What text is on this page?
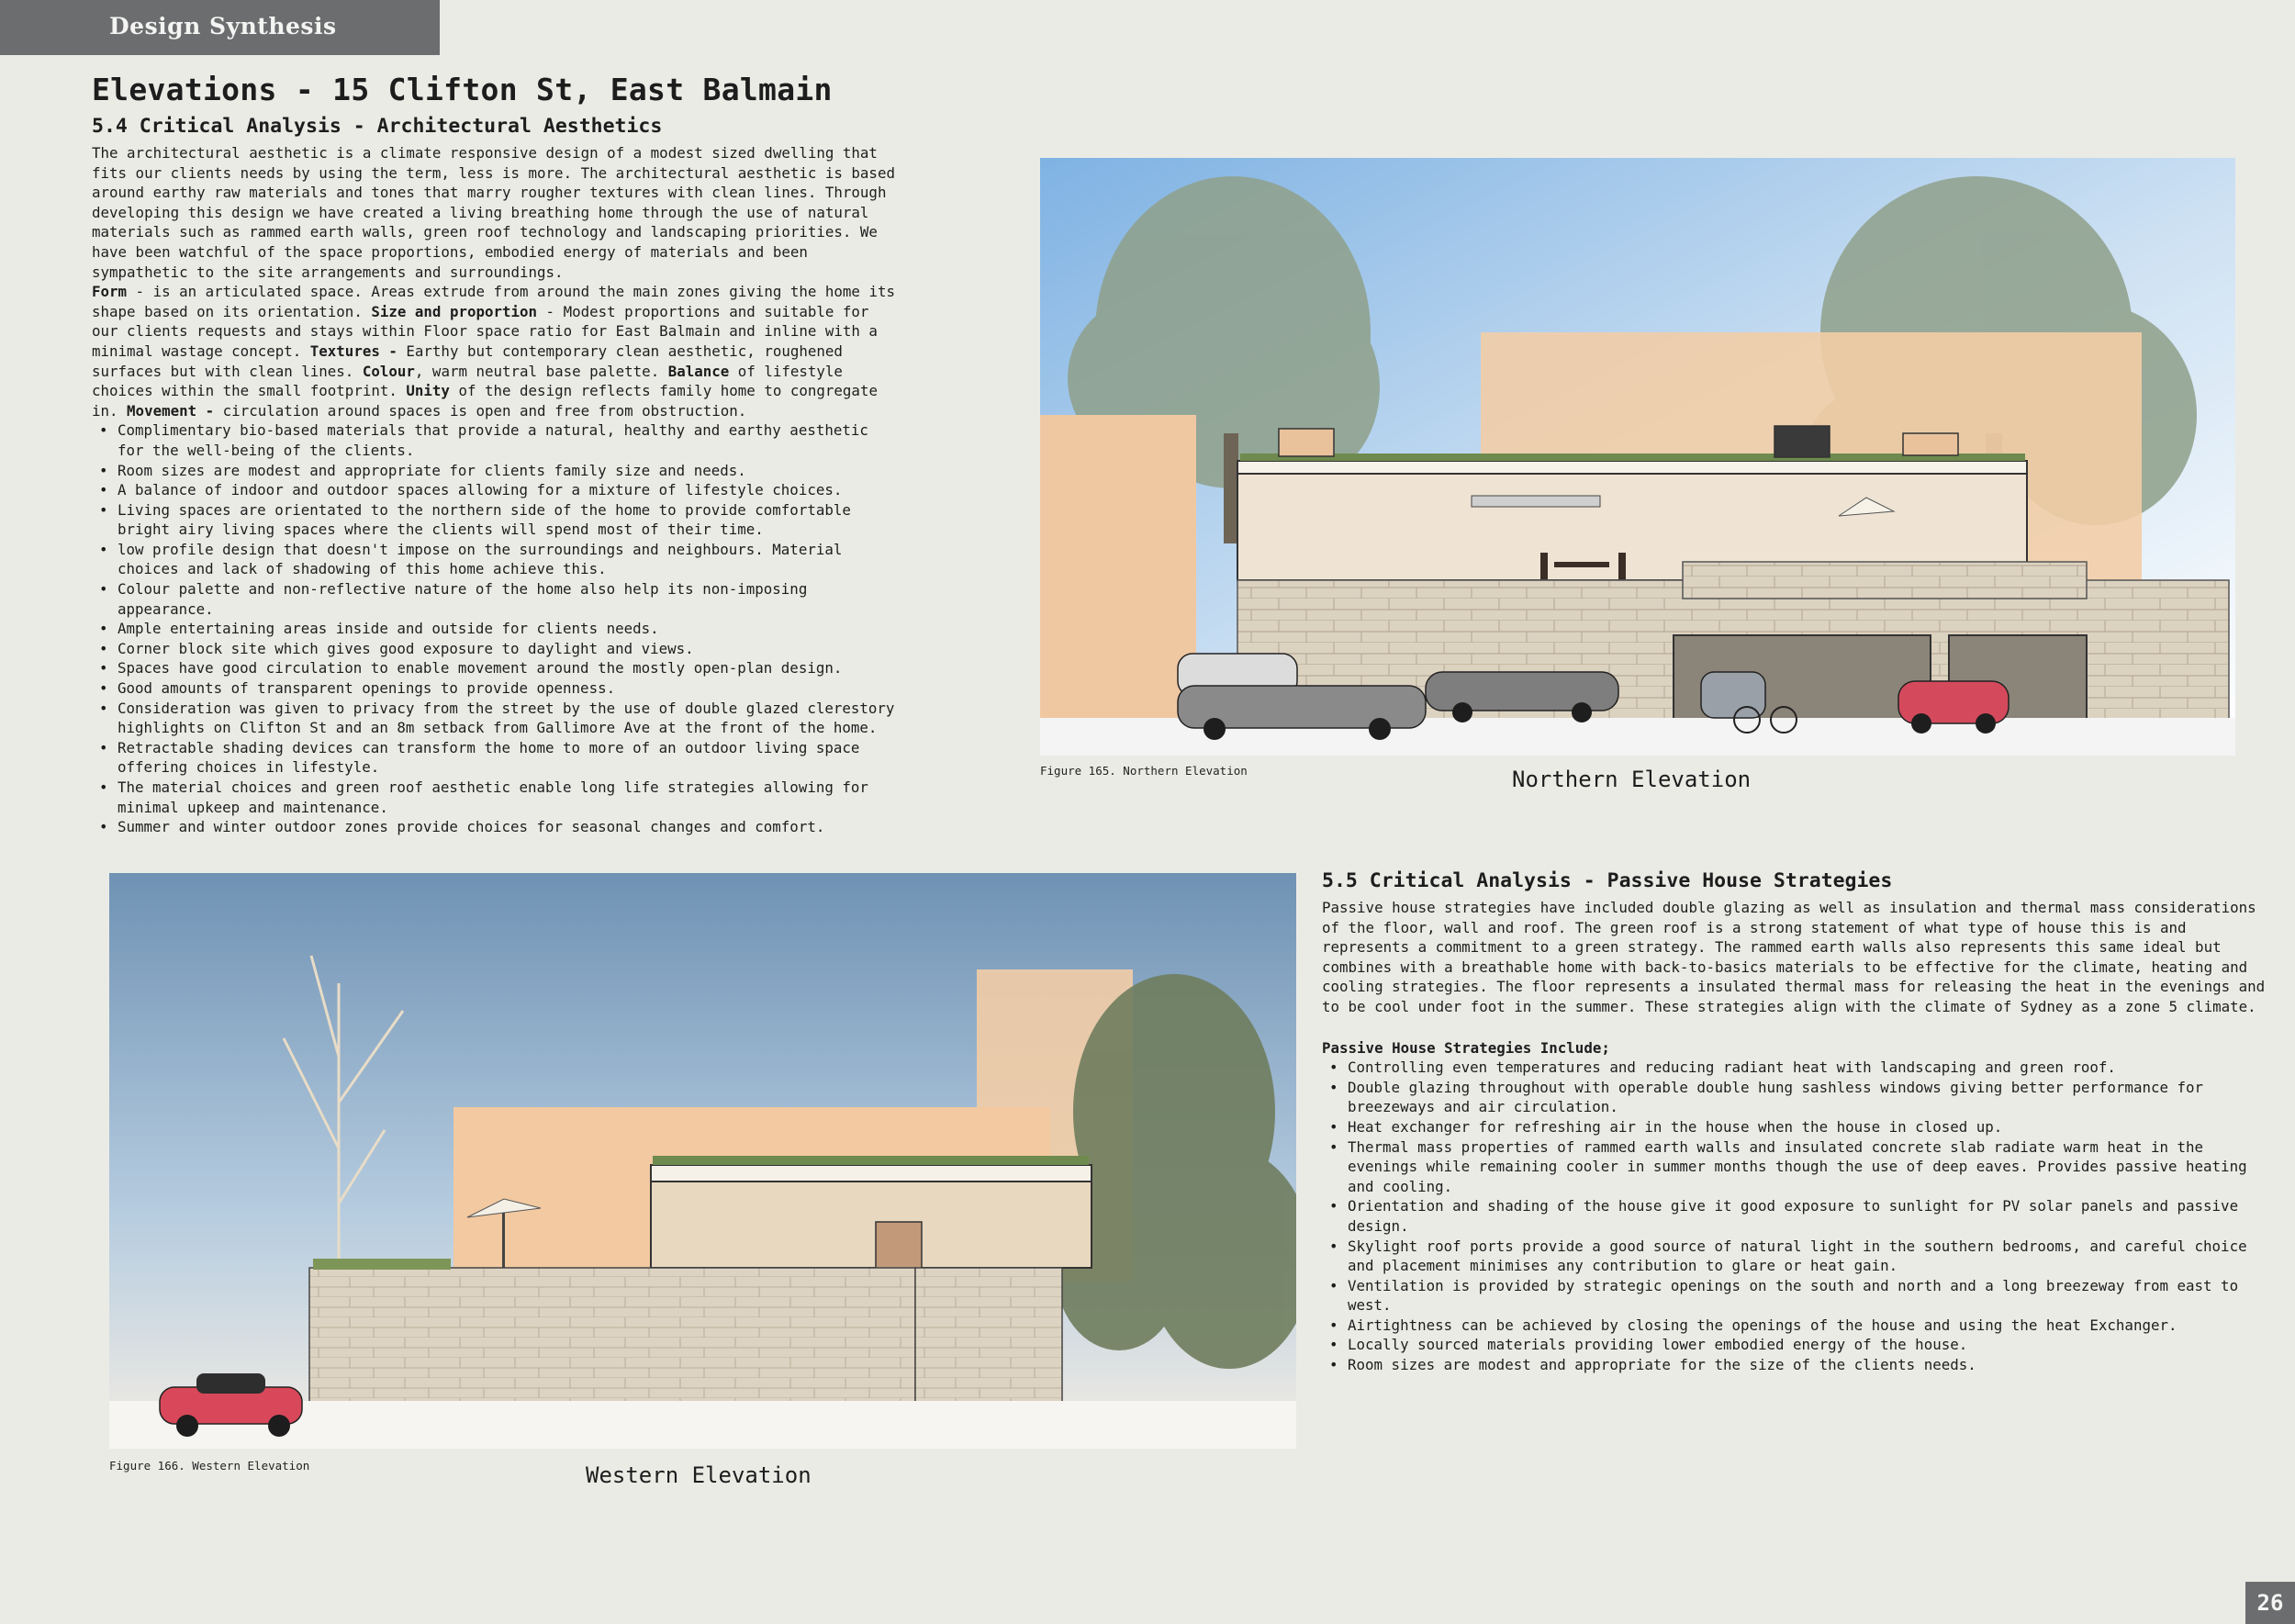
Design Synthesis
Elevations - 15 Clifton St, East Balmain
5.4 Critical Analysis - Architectural Aesthetics

The architectural aesthetic is a climate responsive design of a modest sized dwelling that fits our clients needs by using the term, less is more. The architectural aesthetic is based around earthy raw materials and tones that marry rougher textures with clean lines. Through developing this design we have created a living breathing home through the use of natural materials such as rammed earth walls, green roof technology and landscaping priorities. We have been watchful of the space proportions, embodied energy of materials and been sympathetic to the site arrangements and surroundings.
Form - is an articulated space. Areas extrude from around the main zones giving the home its shape based on its orientation. Size and proportion - Modest proportions and suitable for our clients requests and stays within Floor space ratio for East Balmain and inline with a minimal wastage concept. Textures - Earthy but contemporary clean aesthetic, roughened surfaces but with clean lines. Colour, warm neutral base palette. Balance of lifestyle choices within the small footprint. Unity of the design reflects family home to congregate in. Movement - circulation around spaces is open and free from obstruction.

• Complimentary bio-based materials that provide a natural, healthy and earthy aesthetic for the well-being of the clients.
• Room sizes are modest and appropriate for clients family size and needs.
• A balance of indoor and outdoor spaces allowing for a mixture of lifestyle choices.
• Living spaces are orientated to the northern side of the home to provide comfortable bright airy living spaces where the clients will spend most of their time.
• low profile design that doesn't impose on the surroundings and neighbours. Material choices and lack of shadowing of this home achieve this.
• Colour palette and non-reflective nature of the home also help its non-imposing appearance.
• Ample entertaining areas inside and outside for clients needs.
• Corner block site which gives good exposure to daylight and views.
• Spaces have good circulation to enable movement around the mostly open-plan design.
• Good amounts of transparent openings to provide openness.
• Consideration was given to privacy from the street by the use of double glazed clerestory highlights on Clifton St and an 8m setback from Gallimore Ave at the front of the home.
• Retractable shading devices can transform the home to more of an outdoor living space offering choices in lifestyle.
• The material choices and green roof aesthetic enable long life strategies allowing for minimal upkeep and maintenance.
• Summer and winter outdoor zones provide choices for seasonal changes and comfort.
Figure 165. Northern Elevation	Northern Elevation
5.5 Critical Analysis - Passive House Strategies

Passive house strategies have included double glazing as well as insulation and thermal mass considerations of the floor, wall and roof. The green roof is a strong statement of what type of house this is and represents a commitment to a green strategy. The rammed earth walls also represents this same ideal but combines with a breathable home with back-to-basics materials to be effective for the climate, heating and cooling strategies. The floor represents a insulated thermal mass for releasing the heat in the evenings and to be cool under foot in the summer. These strategies align with the climate of Sydney as a zone 5 climate.

Passive House Strategies Include;

• Controlling even temperatures and reducing radiant heat with landscaping and green roof.
• Double glazing throughout with operable double hung sashless windows giving better performance for breezeways and air circulation.
• Heat exchanger for refreshing air in the house when the house in closed up.
• Thermal mass properties of rammed earth walls and insulated concrete slab radiate warm heat in the evenings while remaining cooler in summer months though the use of deep eaves. Provides passive heating and cooling.
• Orientation and shading of the house give it good exposure to sunlight for PV solar panels and passive design.
• Skylight roof ports provide a good source of natural light in the southern bedrooms, and careful choice and placement minimises any contribution to glare or heat gain.
• Ventilation is provided by strategic openings on the south and north and a long breezeway from east to west.
• Airtightness can be achieved by closing the openings of the house and using the heat Exchanger.
• Locally sourced materials providing lower embodied energy of the house.
• Room sizes are modest and appropriate for the size of the clients needs.
Figure 166. Western Elevation	Western Elevation
26
